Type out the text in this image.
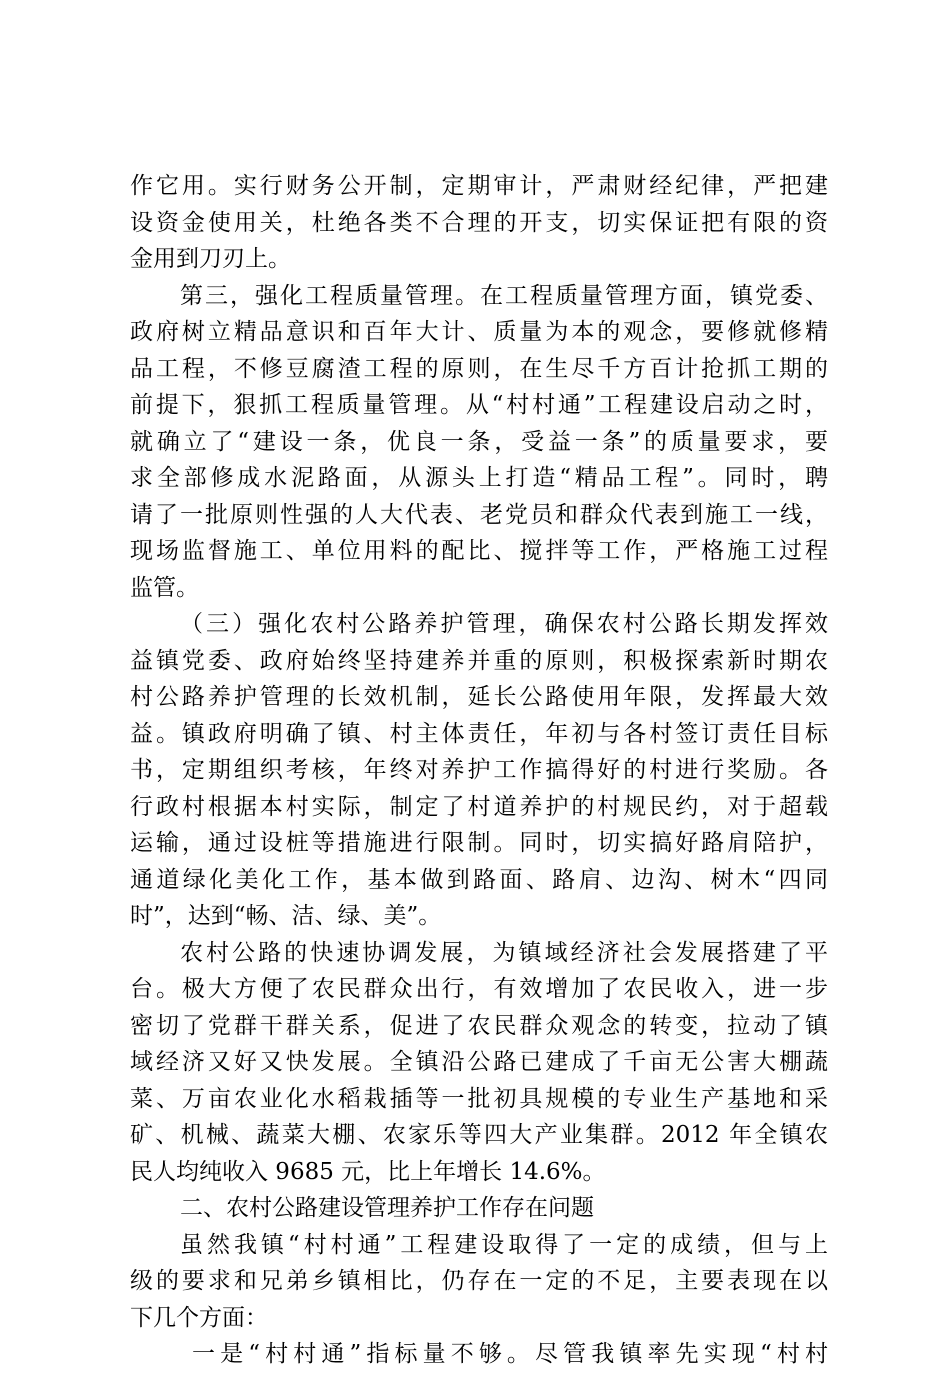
作它用。实行财务公开制，定期审计，严肃财经纪律，严把建
设资金使用关，杜绝各类不合理的开支，切实保证把有限的资
金用到刀刃上。
第三，强化工程质量管理。在工程质量管理方面，镇党委、
政府树立精品意识和百年大计、质量为本的观念，要修就修精
品工程，不修豆腐渣工程的原则，在生尽千方百计抢抓工期的
前提下，狠抓工程质量管理。从“村村通”工程建设启动之时，
就确立了“建设一条，优良一条，受益一条”的质量要求，要
求全部修成水泥路面，从源头上打造“精品工程”。同时，聘
请了一批原则性强的人大代表、老党员和群众代表到施工一线，
现场监督施工、单位用料的配比、搅拌等工作，严格施工过程
监管。
（三）强化农村公路养护管理，确保农村公路长期发挥效
益镇党委、政府始终坚持建养并重的原则，积极探索新时期农
村公路养护管理的长效机制，延长公路使用年限，发挥最大效
益。镇政府明确了镇、村主体责任，年初与各村签订责任目标
书，定期组织考核，年终对养护工作搞得好的村进行奖励。各
行政村根据本村实际，制定了村道养护的村规民约，对于超载
运输，通过设桩等措施进行限制。同时，切实搞好路肩陪护，
通道绿化美化工作，基本做到路面、路肩、边沟、树木“四同
时”，达到“畅、洁、绿、美”。
农村公路的快速协调发展，为镇域经济社会发展搭建了平
台。极大方便了农民群众出行，有效增加了农民收入，进一步
密切了党群干群关系，促进了农民群众观念的转变，拉动了镇
域经济又好又快发展。全镇沿公路已建成了千亩无公害大棚蔬
菜、万亩农业化水稻栽插等一批初具规模的专业生产基地和采
矿、机械、蔬菜大棚、农家乐等四大产业集群。2012 年全镇农
民人均纯收入 9685 元，比上年增长 14.6%。
二、农村公路建设管理养护工作存在问题
虽然我镇“村村通”工程建设取得了一定的成绩，但与上
级的要求和兄弟乡镇相比，仍存在一定的不足，主要表现在以
下几个方面：
一是“村村通”指标量不够。尽管我镇率先实现“村村
